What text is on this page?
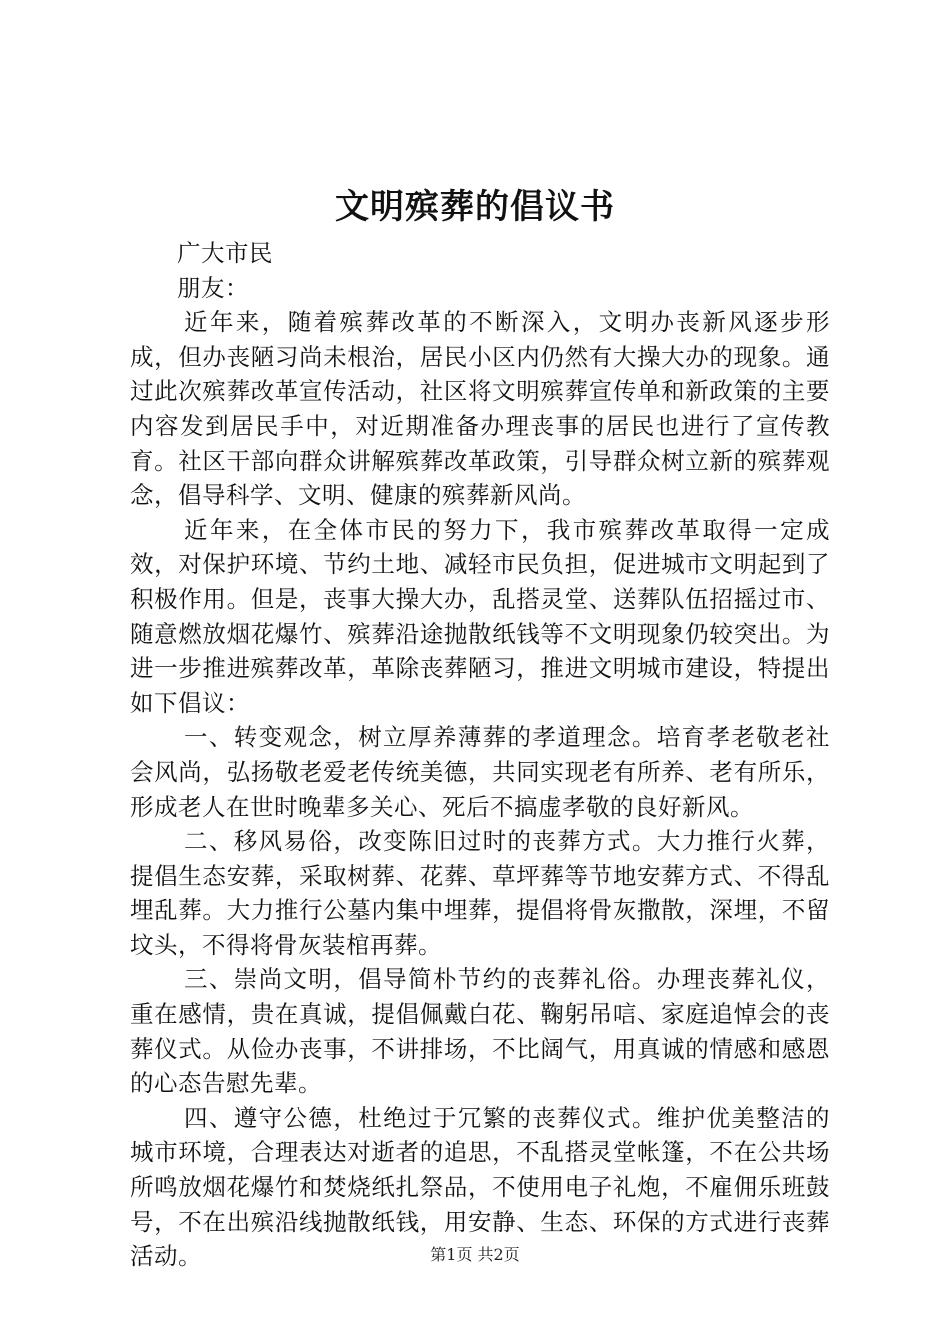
文明殡葬的倡议书

广大市民

朋友：

近年来，随着殡葬改革的不断深入，文明办丧新风逐步形成，但办丧陋习尚未根治，居民小区内仍然有大操大办的现象。通过此次殡葬改革宣传活动，社区将文明殡葬宣传单和新政策的主要内容发到居民手中，对近期准备办理丧事的居民也进行了宣传教育。社区干部向群众讲解殡葬改革政策，引导群众树立新的殡葬观念，倡导科学、文明、健康的殡葬新风尚。

近年来，在全体市民的努力下，我市殡葬改革取得一定成效，对保护环境、节约土地、减轻市民负担，促进城市文明起到了积极作用。但是，丧事大操大办，乱搭灵堂、送葬队伍招摇过市、随意燃放烟花爆竹、殡葬沿途抛散纸钱等不文明现象仍较突出。为进一步推进殡葬改革，革除丧葬陋习，推进文明城市建设，特提出如下倡议：

一、转变观念，树立厚养薄葬的孝道理念。培育孝老敬老社会风尚，弘扬敬老爱老传统美德，共同实现老有所养、老有所乐，形成老人在世时晚辈多关心、死后不搞虚孝敬的良好新风。

二、移风易俗，改变陈旧过时的丧葬方式。大力推行火葬，提倡生态安葬，采取树葬、花葬、草坪葬等节地安葬方式、不得乱埋乱葬。大力推行公墓内集中埋葬，提倡将骨灰撒散，深埋，不留坟头，不得将骨灰装棺再葬。

三、崇尚文明，倡导简朴节约的丧葬礼俗。办理丧葬礼仪，重在感情，贵在真诚，提倡佩戴白花、鞠躬吊唁、家庭追悼会的丧葬仪式。从俭办丧事，不讲排场，不比阔气，用真诚的情感和感恩的心态告慰先辈。

四、遵守公德，杜绝过于冗繁的丧葬仪式。维护优美整洁的城市环境，合理表达对逝者的追思，不乱搭灵堂帐篷，不在公共场所鸣放烟花爆竹和焚烧纸扎祭品，不使用电子礼炮，不雇佣乐班鼓号，不在出殡沿线抛散纸钱，用安静、生态、环保的方式进行丧葬活动。	第1页 共2页
